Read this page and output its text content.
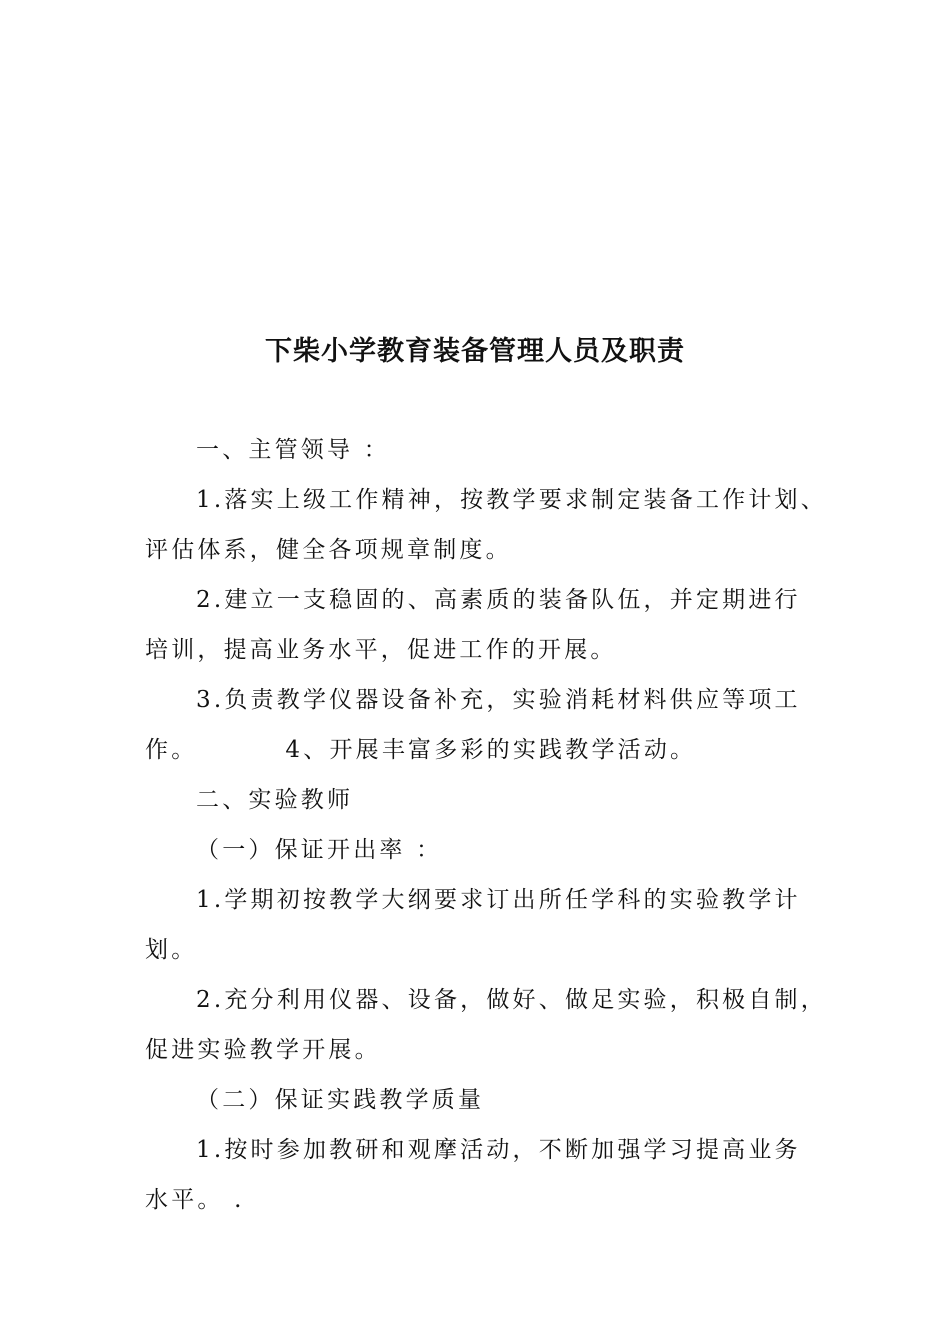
下柴小学教育装备管理人员及职责
一、主管领导 ：
1.落实上级工作精神，按教学要求制定装备工作计划、
评估体系，健全各项规章制度。
2.建立一支稳固的、高素质的装备队伍，并定期进行
培训，提高业务水平，促进工作的开展。
3.负责教学仪器设备补充，实验消耗材料供应等项工
作。	4、开展丰富多彩的实践教学活动。
二、实验教师
（一）保证开出率 ：
1.学期初按教学大纲要求订出所任学科的实验教学计
划。
2.充分利用仪器、设备，做好、做足实验，积极自制，
促进实验教学开展。
（二）保证实践教学质量
1.按时参加教研和观摩活动，不断加强学习提高业务
水平。 .
